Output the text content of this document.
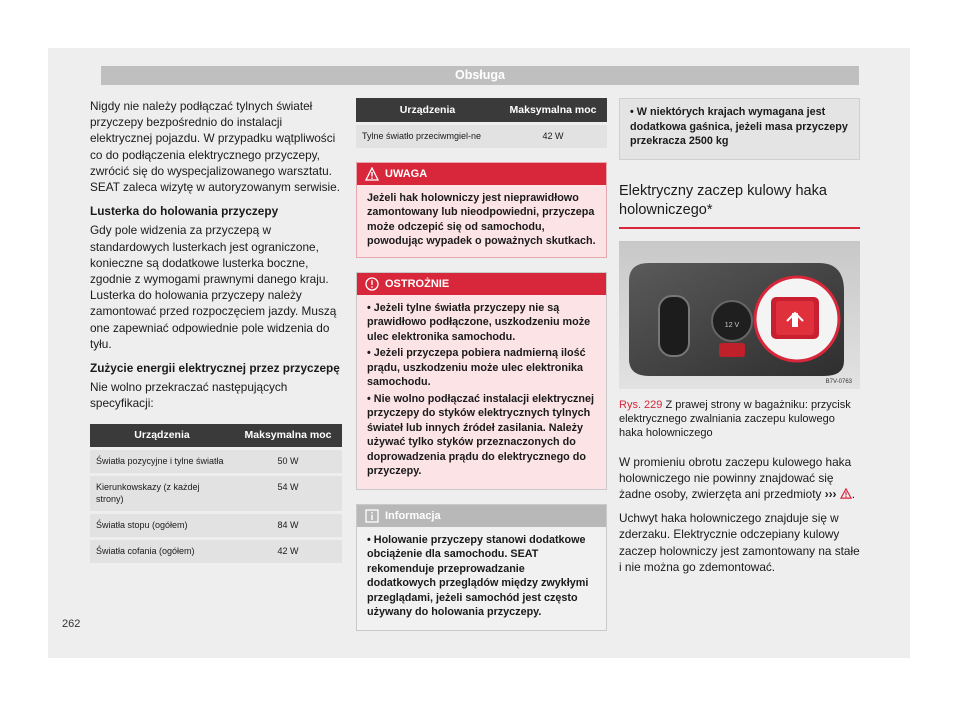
Obsługa

Nigdy nie należy podłączać tylnych świateł przyczepy bezpośrednio do instalacji elektrycznej pojazdu. W przypadku wątpliwości co do podłączenia elektrycznego przyczepy, zwrócić się do wyspecjalizowanego warsztatu. SEAT zaleca wizytę w autoryzowanym serwisie.

Lusterka do holowania przyczepy

Gdy pole widzenia za przyczepą w standardowych lusterkach jest ograniczone, konieczne są dodatkowe lusterka boczne, zgodnie z wymogami prawnymi danego kraju. Lusterka do holowania przyczepy należy zamontować przed rozpoczęciem jazdy. Muszą one zapewniać odpowiednie pole widzenia do tyłu.

Zużycie energii elektrycznej przez przyczepę

Nie wolno przekraczać następujących specyfikacji:

Urządzenia	Maksymalna moc
Światła pozycyjne i tylne światła	50 W
Kierunkowskazy (z każdej strony)	54 W
Światła stopu (ogółem)	84 W
Światła cofania (ogółem)	42 W
Urządzenia	Maksymalna moc
Tylne światło przeciwmgiel-ne	42 W
UWAGA
Jeżeli hak holowniczy jest nieprawidłowo zamontowany lub nieodpowiedni, przyczepa może odczepić się od samochodu, powodując wypadek o poważnych skutkach.
OSTROŻNIE

• Jeżeli tylne światła przyczepy nie są prawidłowo podłączone, uszkodzeniu może ulec elektronika samochodu.

• Jeżeli przyczepa pobiera nadmierną ilość prądu, uszkodzeniu może ulec elektronika samochodu.

• Nie wolno podłączać instalacji elektrycznej przyczepy do styków elektrycznych tylnych świateł lub innych źródeł zasilania. Należy używać tylko styków przeznaczonych do doprowadzenia prądu do elektrycznego do przyczepy.

Informacja

• Holowanie przyczepy stanowi dodatkowe obciążenie dla samochodu. SEAT rekomenduje przeprowadzanie dodatkowych przeglądów między zwykłymi przeglądami, jeżeli samochód jest często używany do holowania przyczepy.

• W niektórych krajach wymagana jest dodatkowa gaśnica, jeżeli masa przyczepy przekracza 2500 kg

Elektryczny zaczep kulowy haka holowniczego*
12 V
B7V-0763

Rys. 229 Z prawej strony w bagażniku: przycisk elektrycznego zwalniania zaczepu kulowego haka holowniczego

W promieniu obrotu zaczepu kulowego haka holowniczego nie powinny znajdować się żadne osoby, zwierzęta ani przedmioty ››› .

Uchwyt haka holowniczego znajduje się w zderzaku. Elektrycznie odczepiany kulowy zaczep holowniczy jest zamontowany na stałe i nie można go zdemontować.

262
